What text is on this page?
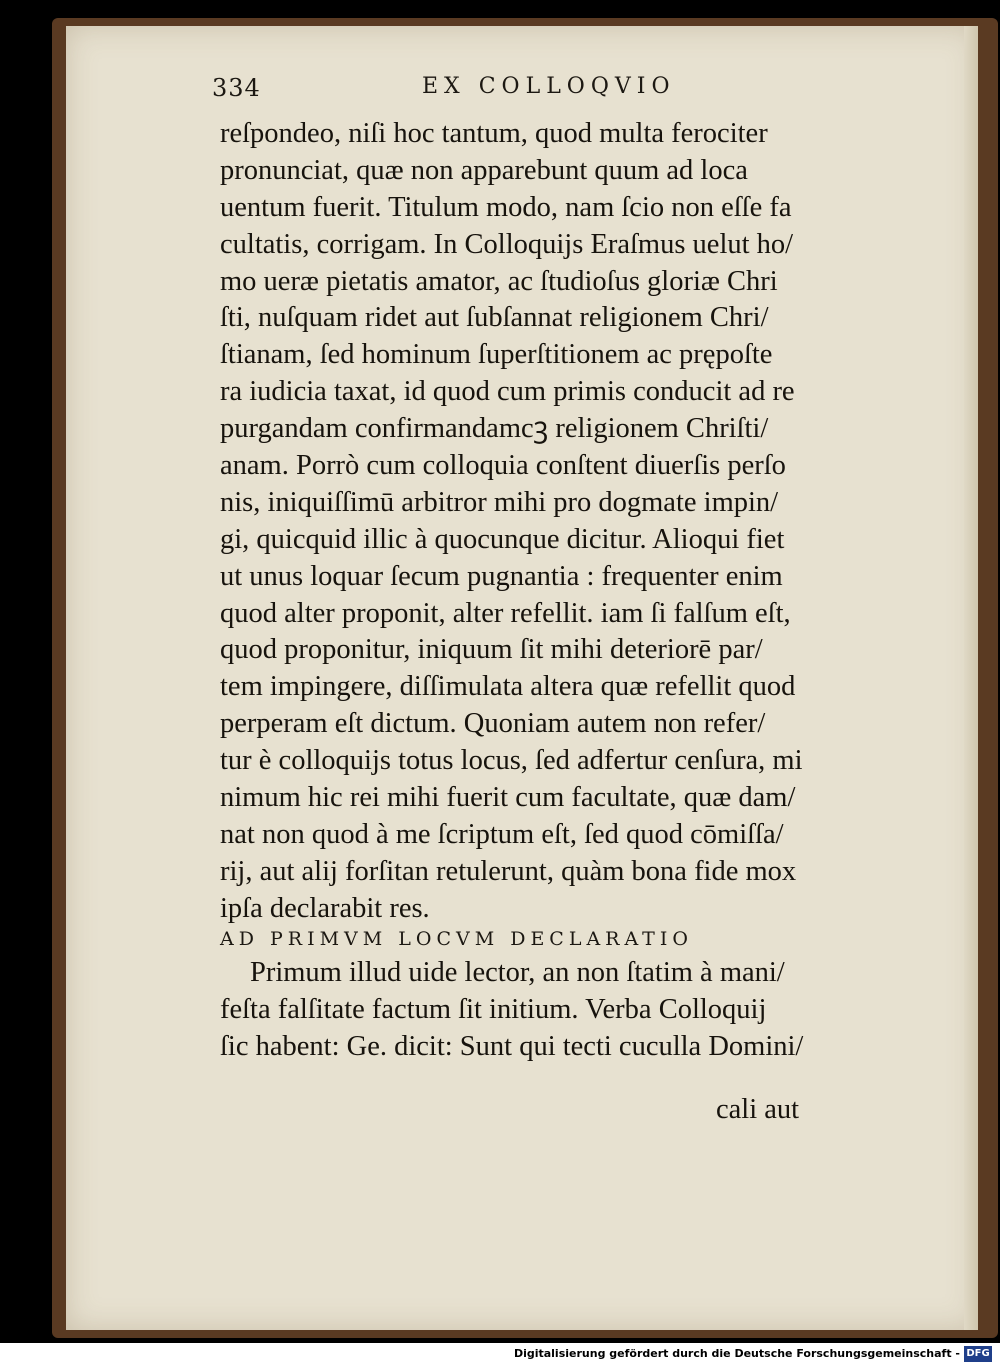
334	EX COLLOQVIO
reſpondeo, niſi hoc tantum, quod multa ferociter
pronunciat, quæ non apparebunt quum ad loca
uentum fuerit. Titulum modo, nam ſcio non eſſe fa
cultatis, corrigam. In Colloquijs Eraſmus uelut ho/
mo ueræ pietatis amator, ac ſtudioſus gloriæ Chri
ſti, nuſquam ridet aut ſubſannat religionem Chri/
ſtianam, ſed hominum ſuperſtitionem ac prępoſte
ra iudicia taxat, id quod cum primis conducit ad re
purgandam confirmandamcꝫ religionem Chriſti/
anam. Porrò cum colloquia conſtent diuerſis perſo
nis, iniquiſſimū arbitror mihi pro dogmate impin/
gi, quicquid illic à quocunque dicitur. Alioqui fiet
ut unus loquar ſecum pugnantia : frequenter enim
quod alter proponit, alter refellit. iam ſi falſum eſt,
quod proponitur, iniquum ſit mihi deteriorē par/
tem impingere, diſſimulata altera quæ refellit quod
perperam eſt dictum. Quoniam autem non refer/
tur è colloquijs totus locus, ſed adfertur cenſura, mi
nimum hic rei mihi fuerit cum facultate, quæ dam/
nat non quod à me ſcriptum eſt, ſed quod cōmiſſa/
rij, aut alij forſitan retulerunt, quàm bona fide mox
ipſa declarabit res.
AD PRIMVM LOCVM DECLARATIO
Primum illud uide lector, an non ſtatim à mani/
feſta falſitate factum ſit initium. Verba Colloquij
ſic habent: Ge. dicit: Sunt qui tecti cuculla Domini/
cali aut
Digitalisierung gefördert durch die Deutsche Forschungsgemeinschaft - DFG
